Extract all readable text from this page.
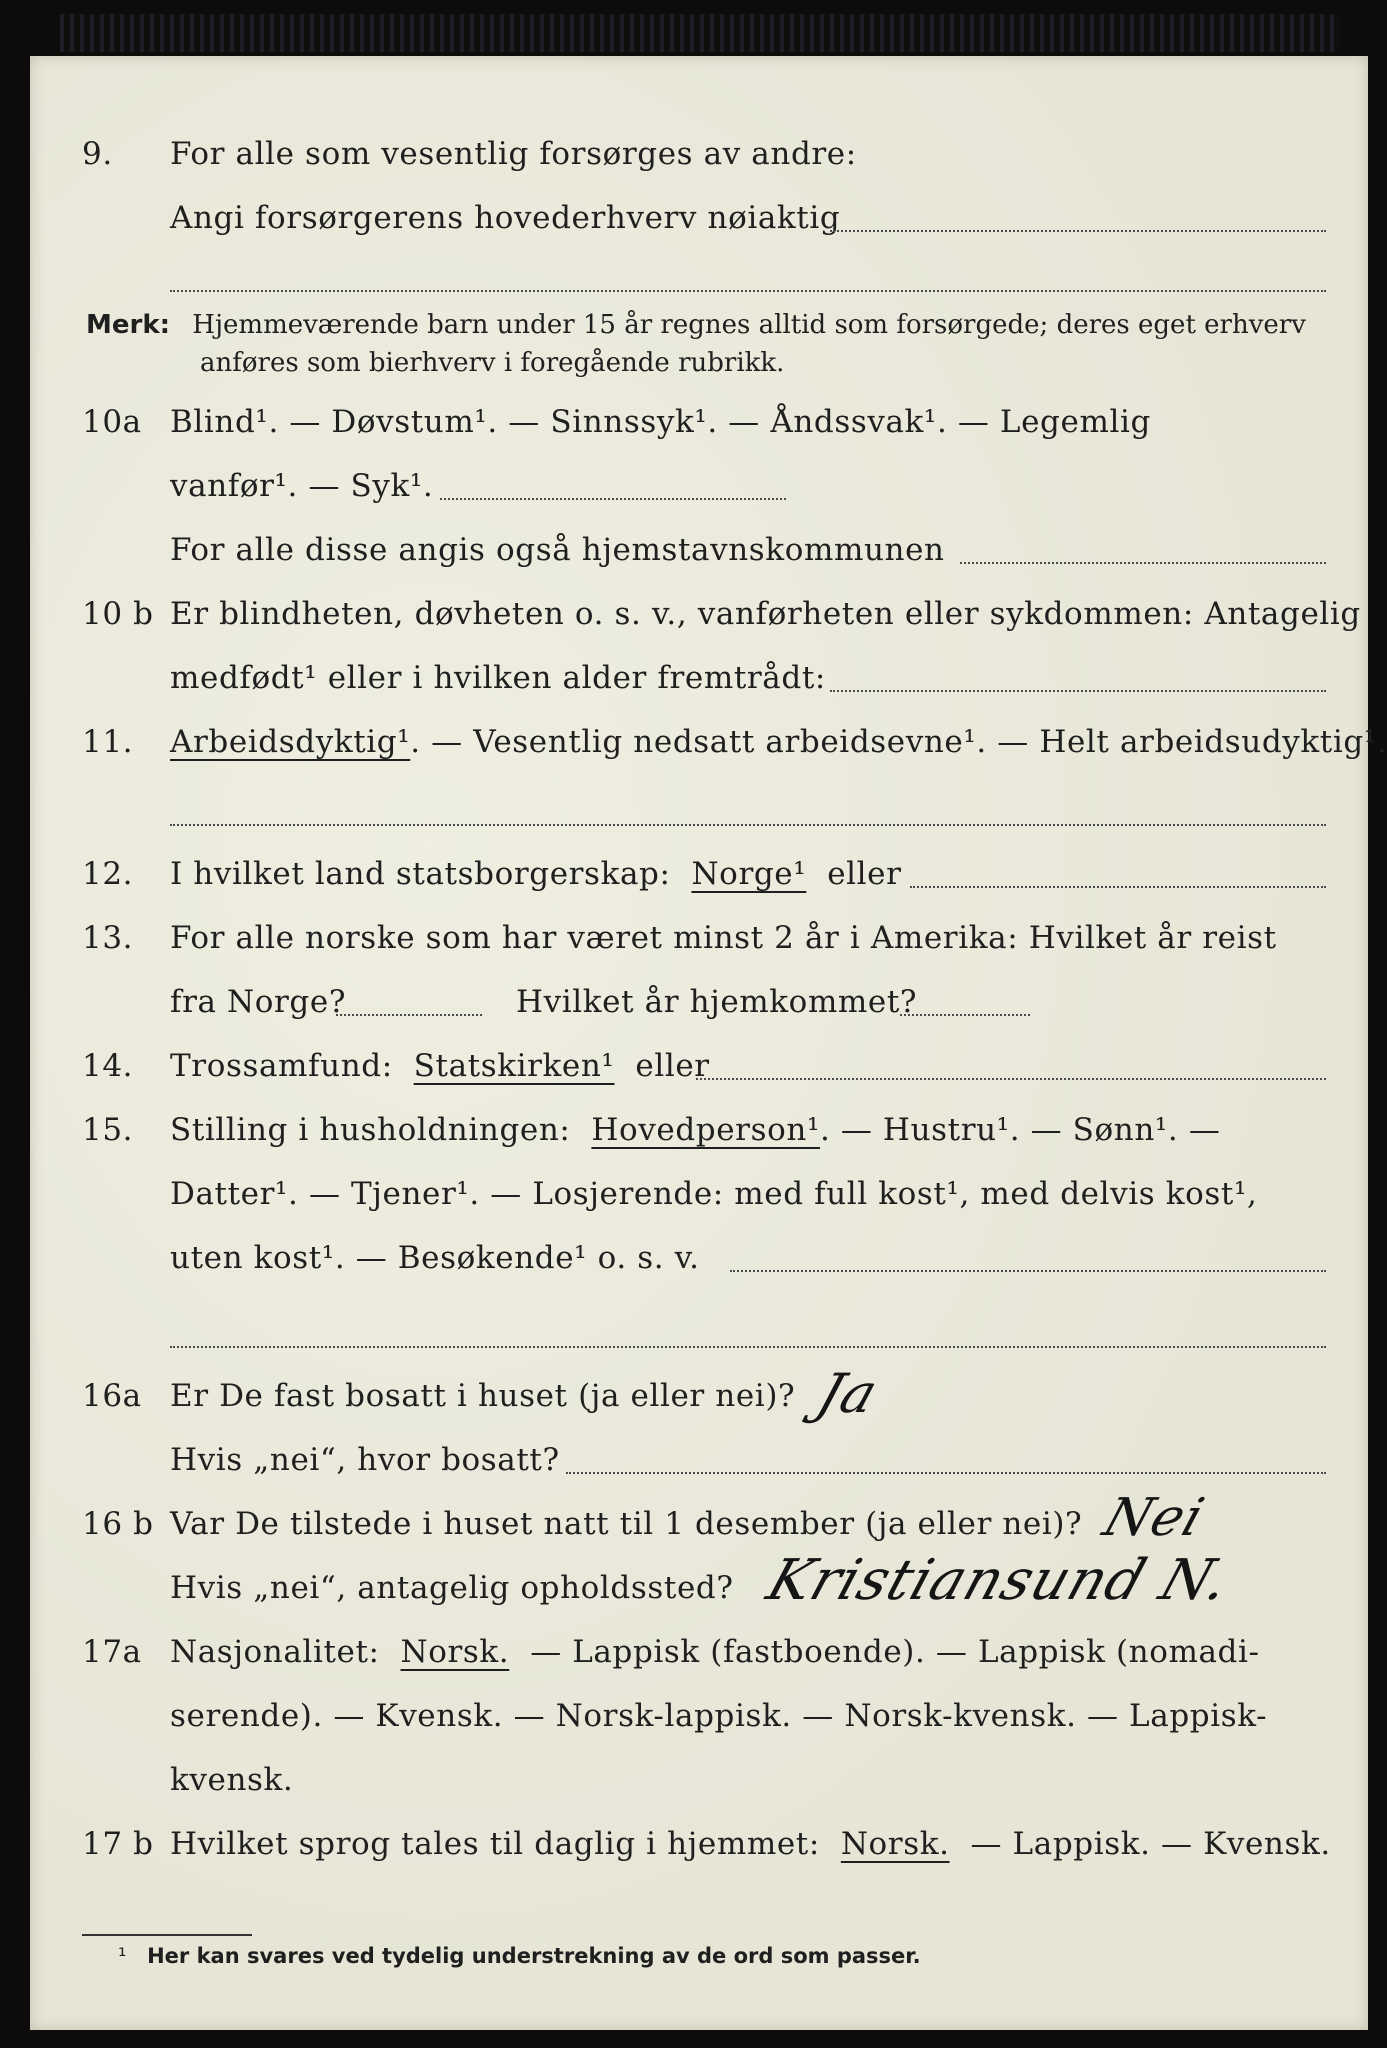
9. For alle som vesentlig forsørges av andre:
Angi forsørgerens hovederhverv nøiaktig
Merk: Hjemmeværende barn under 15 år regnes alltid som forsørgede; deres eget erhverv
anføres som bierhverv i foregående rubrikk.
10a Blind¹. — Døvstum¹. — Sinnssyk¹. — Åndssvak¹. — Legemlig
vanfør¹. — Syk¹.
For alle disse angis også hjemstavnskommunen
10 b Er blindheten, døvheten o. s. v., vanførheten eller sykdommen: Antagelig
medfødt¹ eller i hvilken alder fremtrådt:
11. Arbeidsdyktig¹. — Vesentlig nedsatt arbeidsevne¹. — Helt arbeidsudyktig¹.
12. I hvilket land statsborgerskap: Norge¹ eller
13. For alle norske som har været minst 2 år i Amerika: Hvilket år reist
fra Norge?	Hvilket år hjemkommet?
14. Trossamfund: Statskirken¹ eller
15. Stilling i husholdningen: Hovedperson¹. — Hustru¹. — Sønn¹. —
Datter¹. — Tjener¹. — Losjerende: med full kost¹, med delvis kost¹,
uten kost¹. — Besøkende¹ o. s. v.
16a Er De fast bosatt i huset (ja eller nei)? Ja
Hvis „nei“, hvor bosatt?
16 b Var De tilstede i huset natt til 1 desember (ja eller nei)? Nei
Hvis „nei“, antagelig opholdssted? Kristiansund N.
17a Nasjonalitet: Norsk. — Lappisk (fastboende). — Lappisk (nomadi-
serende). — Kvensk. — Norsk-lappisk. — Norsk-kvensk. — Lappisk-
kvensk.
17 b Hvilket sprog tales til daglig i hjemmet: Norsk. — Lappisk. — Kvensk.
¹ Her kan svares ved tydelig understrekning av de ord som passer.
